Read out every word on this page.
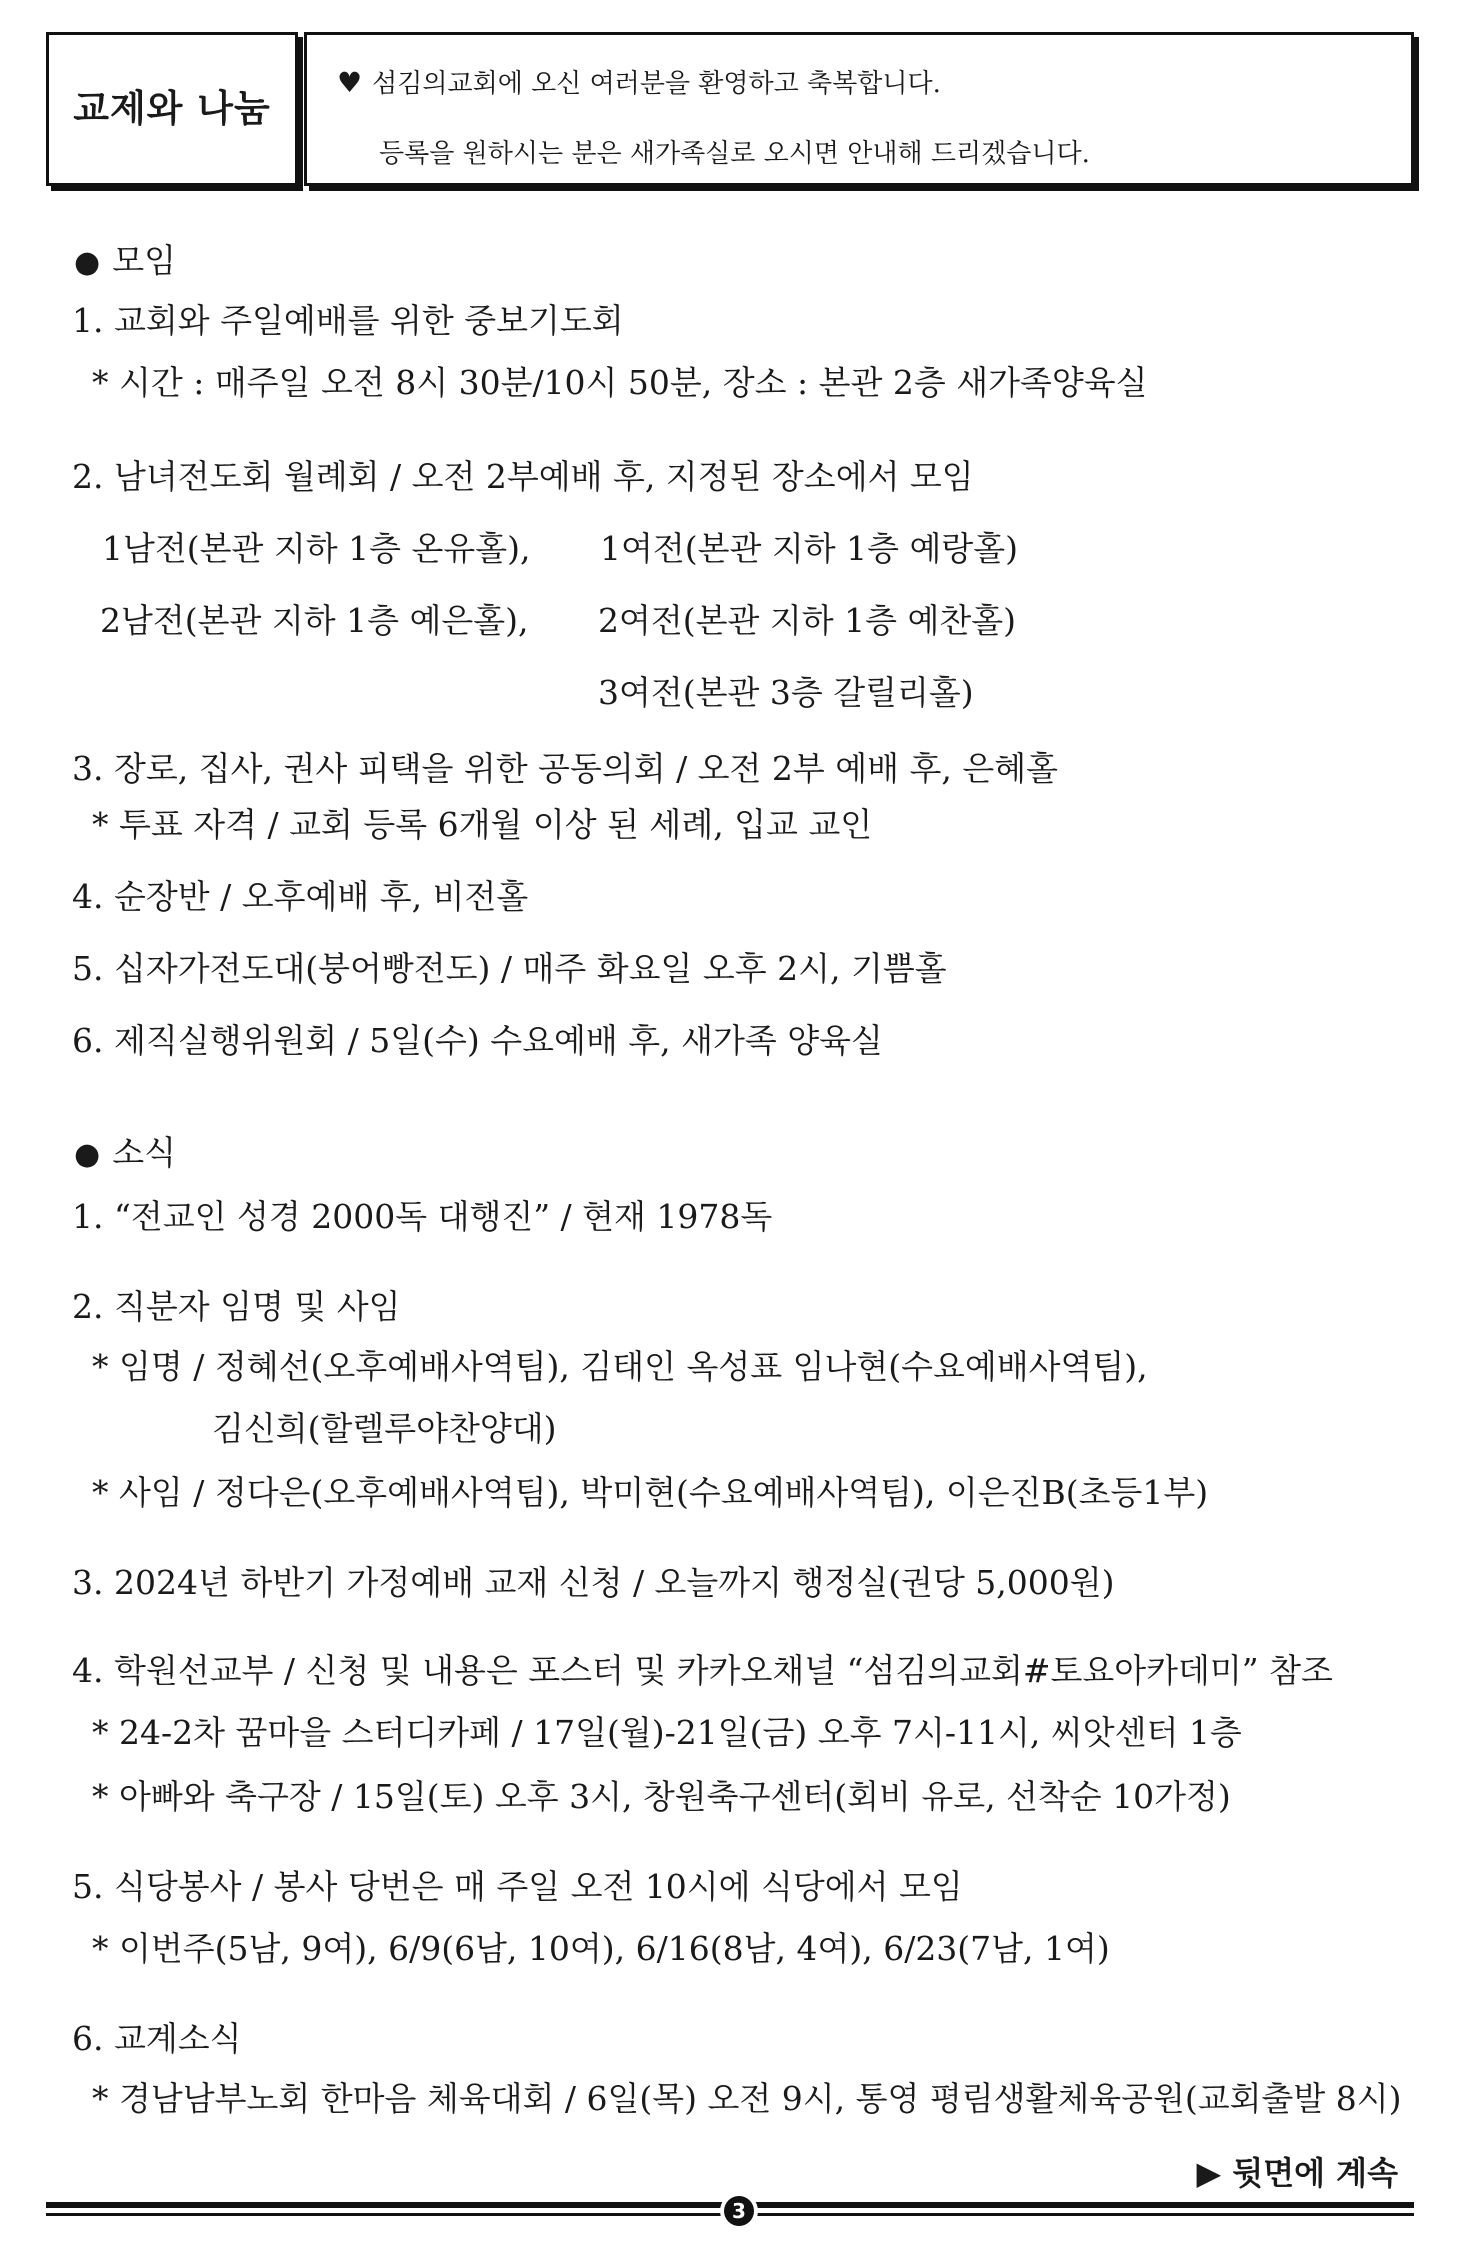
교제와 나눔
♥ 섬김의교회에 오신 여러분을 환영하고 축복합니다.
등록을 원하시는 분은 새가족실로 오시면 안내해 드리겠습니다.
● 모임
1. 교회와 주일예배를 위한 중보기도회
* 시간 : 매주일 오전 8시 30분/10시 50분, 장소 : 본관 2층 새가족양육실
2. 남녀전도회 월례회 / 오전 2부예배 후, 지정된 장소에서 모임
1남전(본관 지하 1층 온유홀), 1여전(본관 지하 1층 예랑홀)
2남전(본관 지하 1층 예은홀), 2여전(본관 지하 1층 예찬홀)
3여전(본관 3층 갈릴리홀)
3. 장로, 집사, 권사 피택을 위한 공동의회 / 오전 2부 예배 후, 은혜홀
* 투표 자격 / 교회 등록 6개월 이상 된 세례, 입교 교인
4. 순장반 / 오후예배 후, 비전홀
5. 십자가전도대(붕어빵전도) / 매주 화요일 오후 2시, 기쁨홀
6. 제직실행위원회 / 5일(수) 수요예배 후, 새가족 양육실
● 소식
1. “전교인 성경 2000독 대행진” / 현재 1978독
2. 직분자 임명 및 사임
* 임명 / 정혜선(오후예배사역팀), 김태인 옥성표 임나현(수요예배사역팀),
김신희(할렐루야찬양대)
* 사임 / 정다은(오후예배사역팀), 박미현(수요예배사역팀), 이은진B(초등1부)
3. 2024년 하반기 가정예배 교재 신청 / 오늘까지 행정실(권당 5,000원)
4. 학원선교부 / 신청 및 내용은 포스터 및 카카오채널 “섬김의교회#토요아카데미” 참조
* 24-2차 꿈마을 스터디카페 / 17일(월)-21일(금) 오후 7시-11시, 씨앗센터 1층
* 아빠와 축구장 / 15일(토) 오후 3시, 창원축구센터(회비 유로, 선착순 10가정)
5. 식당봉사 / 봉사 당번은 매 주일 오전 10시에 식당에서 모임
* 이번주(5남, 9여), 6/9(6남, 10여), 6/16(8남, 4여), 6/23(7남, 1여)
6. 교계소식
* 경남남부노회 한마음 체육대회 / 6일(목) 오전 9시, 통영 평림생활체육공원(교회출발 8시)
▶ 뒷면에 계속
3
